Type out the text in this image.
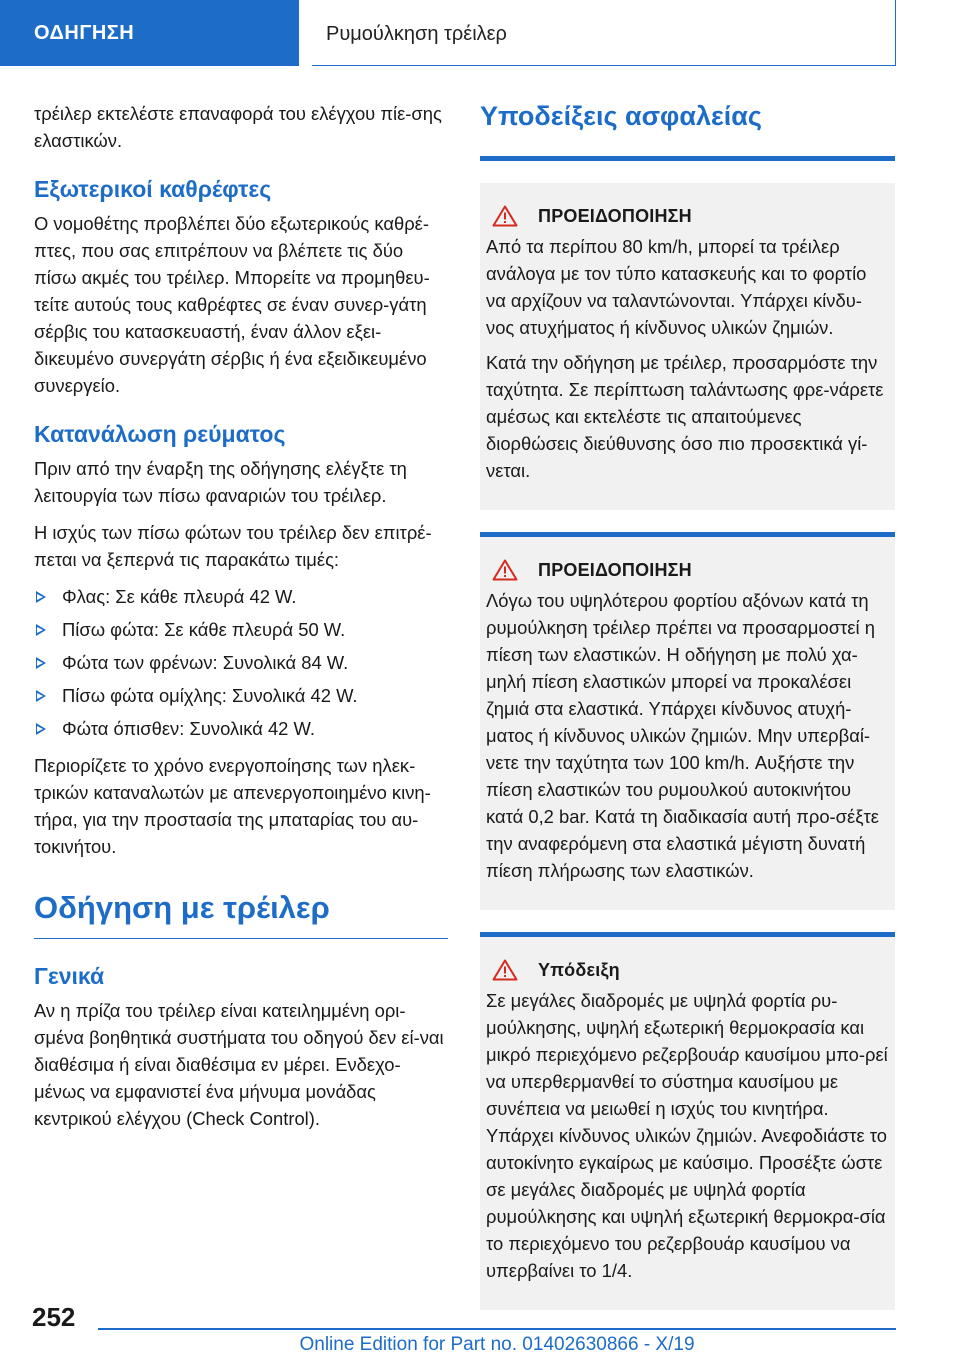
ΟΔΗΓΗΣΗ	Ρυμούλκηση τρέιλερ

τρέιλερ εκτελέστε επαναφορά του ελέγχου πίε-σης ελαστικών.

Εξωτερικοί καθρέφτες

Ο νομοθέτης προβλέπει δύο εξωτερικούς καθρέ-πτες, που σας επιτρέπουν να βλέπετε τις δύο πίσω ακμές του τρέιλερ. Μπορείτε να προμηθευ-τείτε αυτούς τους καθρέφτες σε έναν συνερ-γάτη σέρβις του κατασκευαστή, έναν άλλον εξει-δικευμένο συνεργάτη σέρβις ή ένα εξειδικευμένο συνεργείο.

Κατανάλωση ρεύματος

Πριν από την έναρξη της οδήγησης ελέγξτε τη λειτουργία των πίσω φαναριών του τρέιλερ.

Η ισχύς των πίσω φώτων του τρέιλερ δεν επιτρέ-πεται να ξεπερνά τις παρακάτω τιμές:

Φλας: Σε κάθε πλευρά 42 W.
Πίσω φώτα: Σε κάθε πλευρά 50 W.
Φώτα των φρένων: Συνολικά 84 W.
Πίσω φώτα ομίχλης: Συνολικά 42 W.
Φώτα όπισθεν: Συνολικά 42 W.

Περιορίζετε το χρόνο ενεργοποίησης των ηλεκ-τρικών καταναλωτών με απενεργοποιημένο κινη-τήρα, για την προστασία της μπαταρίας του αυ-τοκινήτου.

Οδήγηση με τρέιλερ
Γενικά

Αν η πρίζα του τρέιλερ είναι κατειλημμένη ορι-σμένα βοηθητικά συστήματα του οδηγού δεν εί-ναι διαθέσιμα ή είναι διαθέσιμα εν μέρει. Ενδεχο-μένως να εμφανιστεί ένα μήνυμα μονάδας κεντρικού ελέγχου (Check Control).

Υποδείξεις ασφαλείας
ΠΡΟΕΙΔΟΠΟΙΗΣΗ

Από τα περίπου 80 km/h, μπορεί τα τρέιλερ ανάλογα με τον τύπο κατασκευής και το φορτίο να αρχίζουν να ταλαντώνονται. Υπάρχει κίνδυ-νος ατυχήματος ή κίνδυνος υλικών ζημιών.

Κατά την οδήγηση με τρέιλερ, προσαρμόστε την ταχύτητα. Σε περίπτωση ταλάντωσης φρε-νάρετε αμέσως και εκτελέστε τις απαιτούμενες διορθώσεις διεύθυνσης όσο πιο προσεκτικά γί-νεται.

ΠΡΟΕΙΔΟΠΟΙΗΣΗ

Λόγω του υψηλότερου φορτίου αξόνων κατά τη ρυμούλκηση τρέιλερ πρέπει να προσαρμοστεί η πίεση των ελαστικών. Η οδήγηση με πολύ χα-μηλή πίεση ελαστικών μπορεί να προκαλέσει ζημιά στα ελαστικά. Υπάρχει κίνδυνος ατυχή-ματος ή κίνδυνος υλικών ζημιών. Μην υπερβαί-νετε την ταχύτητα των 100 km/h. Αυξήστε την πίεση ελαστικών του ρυμουλκού αυτοκινήτου κατά 0,2 bar. Κατά τη διαδικασία αυτή προ-σέξτε την αναφερόμενη στα ελαστικά μέγιστη δυνατή πίεση πλήρωσης των ελαστικών.

Υπόδειξη

Σε μεγάλες διαδρομές με υψηλά φορτία ρυ-μούλκησης, υψηλή εξωτερική θερμοκρασία και μικρό περιεχόμενο ρεζερβουάρ καυσίμου μπο-ρεί να υπερθερμανθεί το σύστημα καυσίμου με συνέπεια να μειωθεί η ισχύς του κινητήρα. Υπάρχει κίνδυνος υλικών ζημιών. Ανεφοδιάστε το αυτοκίνητο εγκαίρως με καύσιμο. Προσέξτε ώστε σε μεγάλες διαδρομές με υψηλά φορτία ρυμούλκησης και υψηλή εξωτερική θερμοκρα-σία το περιεχόμενο του ρεζερβουάρ καυσίμου να υπερβαίνει το 1/4.

252
Online Edition for Part no. 01402630866 - X/19
